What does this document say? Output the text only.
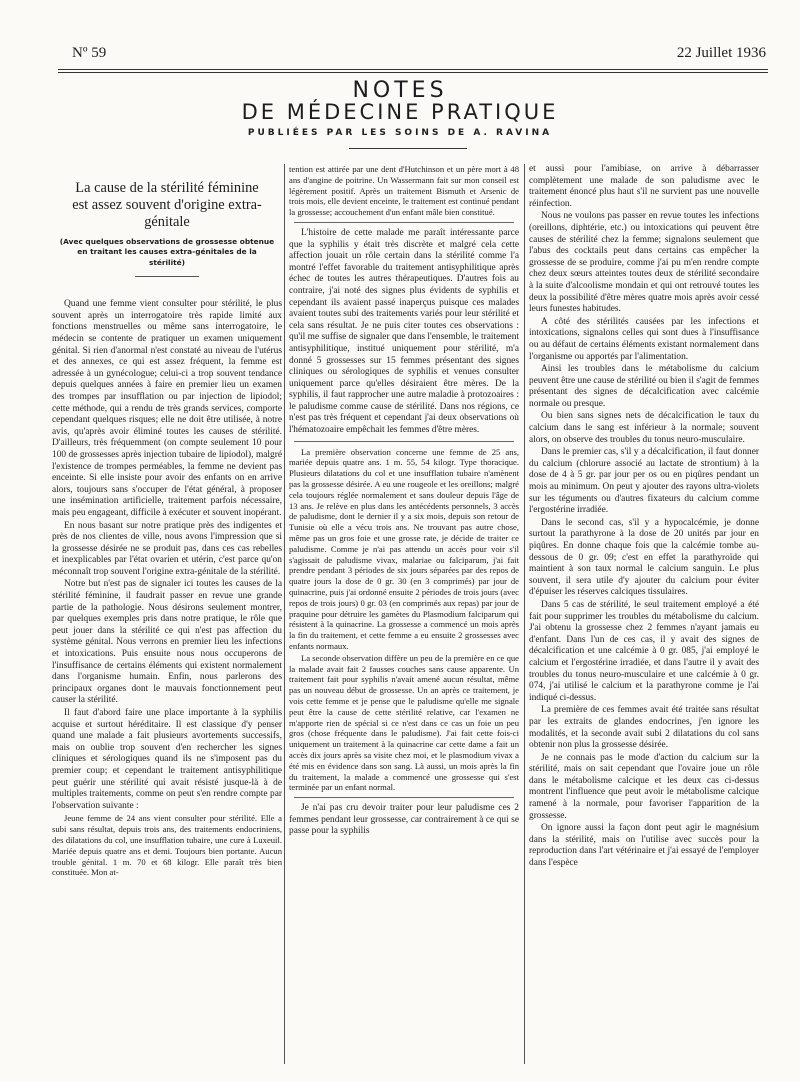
Nº 59	22 Juillet 1936
NOTES
DE MÉDECINE PRATIQUE
PUBLIÉES PAR LES SOINS DE A. RAVINA
La cause de la stérilité féminine
est assez souvent d'origine extra-génitale
(Avec quelques observations de grossesse obtenue en traitant les causes extra-génitales de la stérilité)

Quand une femme vient consulter pour stérilité, le plus souvent après un interrogatoire très rapide limité aux fonctions menstruelles ou même sans interrogatoire, le médecin se contente de pratiquer un examen uniquement génital. Si rien d'anormal n'est constaté au niveau de l'utérus et des annexes, ce qui est assez fréquent, la femme est adressée à un gynécologue; celui-ci a trop souvent tendance depuis quelques années à faire en premier lieu un examen des trompes par insufflation ou par injection de lipiodol; cette méthode, qui a rendu de très grands services, comporte cependant quelques risques; elle ne doit être utilisée, à notre avis, qu'après avoir éliminé toutes les causes de stérilité. D'ailleurs, très fréquemment (on compte seulement 10 pour 100 de grossesses après injection tubaire de lipiodol), malgré l'existence de trompes perméables, la femme ne devient pas enceinte. Si elle insiste pour avoir des enfants on en arrive alors, toujours sans s'occuper de l'état général, à proposer une insémination artificielle, traitement parfois nécessaire, mais peu engageant, difficile à exécuter et souvent inopérant.

En nous basant sur notre pratique près des indigentes et près de nos clientes de ville, nous avons l'impression que si la grossesse désirée ne se produit pas, dans ces cas rebelles et inexplicables par l'état ovarien et utérin, c'est parce qu'on méconnaît trop souvent l'origine extra-génitale de la stérilité.

Notre but n'est pas de signaler ici toutes les causes de la stérilité féminine, il faudrait passer en revue une grande partie de la pathologie. Nous désirons seulement montrer, par quelques exemples pris dans notre pratique, le rôle que peut jouer dans la stérilité ce qui n'est pas affection du système génital. Nous verrons en premier lieu les infections et intoxications. Puis ensuite nous nous occuperons de l'insuffisance de certains éléments qui existent normalement dans l'organisme humain. Enfin, nous parlerons des principaux organes dont le mauvais fonctionnement peut causer la stérilité.

Il faut d'abord faire une place importante à la syphilis acquise et surtout héréditaire. Il est classique d'y penser quand une malade a fait plusieurs avortements successifs, mais on oublie trop souvent d'en rechercher les signes cliniques et sérologiques quand ils ne s'imposent pas du premier coup; et cependant le traitement antisyphilitique peut guérir une stérilité qui avait résisté jusque-là à de multiples traitements, comme on peut s'en rendre compte par l'observation suivante :

Jeune femme de 24 ans vient consulter pour stérilité. Elle a subi sans résultat, depuis trois ans, des traitements endocriniens, des dilatations du col, une insufflation tubaire, une cure à Luxeuil. Mariée depuis quatre ans et demi. Toujours bien portante. Aucun trouble génital. 1 m. 70 et 68 kilogr. Elle paraît très bien constituée. Mon at-

tention est attirée par une dent d'Hutchinson et un père mort à 48 ans d'angine de poitrine. Un Wassermann fait sur mon conseil est légèrement positif. Après un traitement Bismuth et Arsenic de trois mois, elle devient enceinte, le traitement est continué pendant la grossesse; accouchement d'un enfant mâle bien constitué.

L'histoire de cette malade me paraît intéressante parce que la syphilis y était très discrète et malgré cela cette affection jouait un rôle certain dans la stérilité comme l'a montré l'effet favorable du traitement antisyphilitique après échec de toutes les autres thérapeutiques. D'autres fois au contraire, j'ai noté des signes plus évidents de syphilis et cependant ils avaient passé inaperçus puisque ces malades avaient toutes subi des traitements variés pour leur stérilité et cela sans résultat. Je ne puis citer toutes ces observations : qu'il me suffise de signaler que dans l'ensemble, le traitement antisyphilitique, institué uniquement pour stérilité, m'a donné 5 grossesses sur 15 femmes présentant des signes cliniques ou sérologiques de syphilis et venues consulter uniquement parce qu'elles désiraient être mères. De la syphilis, il faut rapprocher une autre maladie à protozoaires : le paludisme comme cause de stérilité. Dans nos régions, ce n'est pas très fréquent et cependant j'ai deux observations où l'hématozoaire empêchait les femmes d'être mères.

La première observation concerne une femme de 25 ans, mariée depuis quatre ans. 1 m. 55, 54 kilogr. Type thoracique. Plusieurs dilatations du col et une insufflation tubaire n'amènent pas la grossesse désirée. A eu une rougeole et les oreillons; malgré cela toujours réglée normalement et sans douleur depuis l'âge de 13 ans. Je relève en plus dans les antécédents personnels, 3 accès de paludisme, dont le dernier il y a six mois, depuis son retour de Tunisie où elle a vécu trois ans. Ne trouvant pas autre chose, même pas un gros foie et une grosse rate, je décide de traiter ce paludisme. Comme je n'ai pas attendu un accès pour voir s'il s'agissait de paludisme vivax, malariae ou falciparum, j'ai fait prendre pendant 3 périodes de six jours séparées par des repos de quatre jours la dose de 0 gr. 30 (en 3 comprimés) par jour de quinacrine, puis j'ai ordonné ensuite 2 périodes de trois jours (avec repos de trois jours) 0 gr. 03 (en comprimés aux repas) par jour de praquine pour détruire les gamètes du Plasmodium falciparum qui résistent à la quinacrine. La grossesse a commencé un mois après la fin du traitement, et cette femme a eu ensuite 2 grossesses avec enfants normaux.

La seconde observation diffère un peu de la première en ce que la malade avait fait 2 fausses couches sans cause apparente. Un traitement fait pour syphilis n'avait amené aucun résultat, même pas un nouveau début de grossesse. Un an après ce traitement, je vois cette femme et je pense que le paludisme qu'elle me signale peut être la cause de cette stérilité relative, car l'examen ne m'apporte rien de spécial si ce n'est dans ce cas un foie un peu gros (chose fréquente dans le paludisme). J'ai fait cette fois-ci uniquement un traitement à la quinacrine car cette dame a fait un accès dix jours après sa visite chez moi, et le plasmodium vivax a été mis en évidence dans son sang. Là aussi, un mois après la fin du traitement, la malade a commencé une grossesse qui s'est terminée par un enfant normal.

Je n'ai pas cru devoir traiter pour leur paludisme ces 2 femmes pendant leur grossesse, car contrairement à ce qui se passe pour la syphilis

et aussi pour l'amibiase, on arrive à débarrasser complètement une malade de son paludisme avec le traitement énoncé plus haut s'il ne survient pas une nouvelle réinfection.

Nous ne voulons pas passer en revue toutes les infections (oreillons, diphtérie, etc.) ou intoxications qui peuvent être causes de stérilité chez la femme; signalons seulement que l'abus des cocktails peut dans certains cas empêcher la grossesse de se produire, comme j'ai pu m'en rendre compte chez deux sœurs atteintes toutes deux de stérilité secondaire à la suite d'alcoolisme mondain et qui ont retrouvé toutes les deux la possibilité d'être mères quatre mois après avoir cessé leurs funestes habitudes.

A côté des stérilités causées par les infections et intoxications, signalons celles qui sont dues à l'insuffisance ou au défaut de certains éléments existant normalement dans l'organisme ou apportés par l'alimentation.

Ainsi les troubles dans le métabolisme du calcium peuvent être une cause de stérilité ou bien il s'agit de femmes présentant des signes de décalcification avec calcémie normale ou presque.

Ou bien sans signes nets de décalcification le taux du calcium dans le sang est inférieur à la normale; souvent alors, on observe des troubles du tonus neuro-musculaire.

Dans le premier cas, s'il y a décalcification, il faut donner du calcium (chlorure associé au lactate de strontium) à la dose de 4 à 5 gr. par jour per os ou en piqûres pendant un mois au minimum. On peut y ajouter des rayons ultra-violets sur les téguments ou d'autres fixateurs du calcium comme l'ergostérine irradiée.

Dans le second cas, s'il y a hypocalcémie, je donne surtout la parathyrone à la dose de 20 unités par jour en piqûres. En donne chaque fois que la calcémie tombe au-dessous de 0 gr. 09; c'est en effet la parathyroïde qui maintient à son taux normal le calcium sanguin. Le plus souvent, il sera utile d'y ajouter du calcium pour éviter d'épuiser les réserves calciques tissulaires.

Dans 5 cas de stérilité, le seul traitement employé a été fait pour supprimer les troubles du métabolisme du calcium. J'ai obtenu la grossesse chez 2 femmes n'ayant jamais eu d'enfant. Dans l'un de ces cas, il y avait des signes de décalcification et une calcémie à 0 gr. 085, j'ai employé le calcium et l'ergostérine irradiée, et dans l'autre il y avait des troubles du tonus neuro-musculaire et une calcémie à 0 gr. 074, j'ai utilisé le calcium et la parathyrone comme je l'ai indiqué ci-dessus.

La première de ces femmes avait été traitée sans résultat par les extraits de glandes endocrines, j'en ignore les modalités, et la seconde avait subi 2 dilatations du col sans obtenir non plus la grossesse désirée.

Je ne connais pas le mode d'action du calcium sur la stérilité, mais on sait cependant que l'ovaire joue un rôle dans le métabolisme calcique et les deux cas ci-dessus montrent l'influence que peut avoir le métabolisme calcique ramené à la normale, pour favoriser l'apparition de la grossesse.

On ignore aussi la façon dont peut agir le magnésium dans la stérilité, mais on l'utilise avec succès pour la reproduction dans l'art vétérinaire et j'ai essayé de l'employer dans l'espèce
